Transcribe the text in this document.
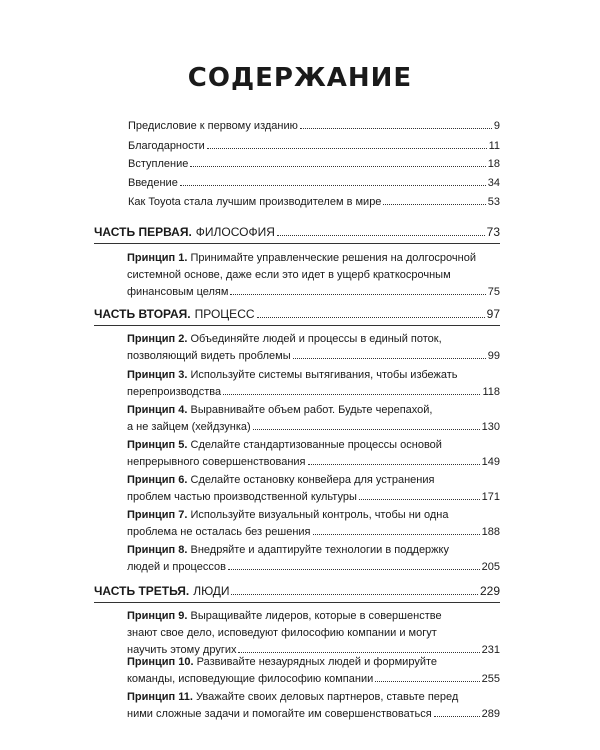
СОДЕРЖАНИЕ
Предисловие к первому изданию	9
Благодарности	11
Вступление	18
Введение	34
Как Toyota стала лучшим производителем в мире	53
ЧАСТЬ ПЕРВАЯ. ФИЛОСОФИЯ	73
Принцип 1. Принимайте управленческие решения на долгосрочной
системной основе, даже если это идет в ущерб краткосрочным
финансовым целям	75
ЧАСТЬ ВТОРАЯ. ПРОЦЕСС	97
Принцип 2. Объединяйте людей и процессы в единый поток,
позволяющий видеть проблемы	99
Принцип 3. Используйте системы вытягивания, чтобы избежать
перепроизводства	118
Принцип 4. Выравнивайте объем работ. Будьте черепахой,
а не зайцем (хейдзунка)	130
Принцип 5. Сделайте стандартизованные процессы основой
непрерывного совершенствования	149
Принцип 6. Сделайте остановку конвейера для устранения
проблем частью производственной культуры	171
Принцип 7. Используйте визуальный контроль, чтобы ни одна
проблема не осталась без решения	188
Принцип 8. Внедряйте и адаптируйте технологии в поддержку
людей и процессов	205
ЧАСТЬ ТРЕТЬЯ. ЛЮДИ	229
Принцип 9. Выращивайте лидеров, которые в совершенстве
знают свое дело, исповедуют философию компании и могут
научить этому других	231
Принцип 10. Развивайте незаурядных людей и формируйте
команды, исповедующие философию компании	255
Принцип 11. Уважайте своих деловых партнеров, ставьте перед
ними сложные задачи и помогайте им совершенствоваться	289
